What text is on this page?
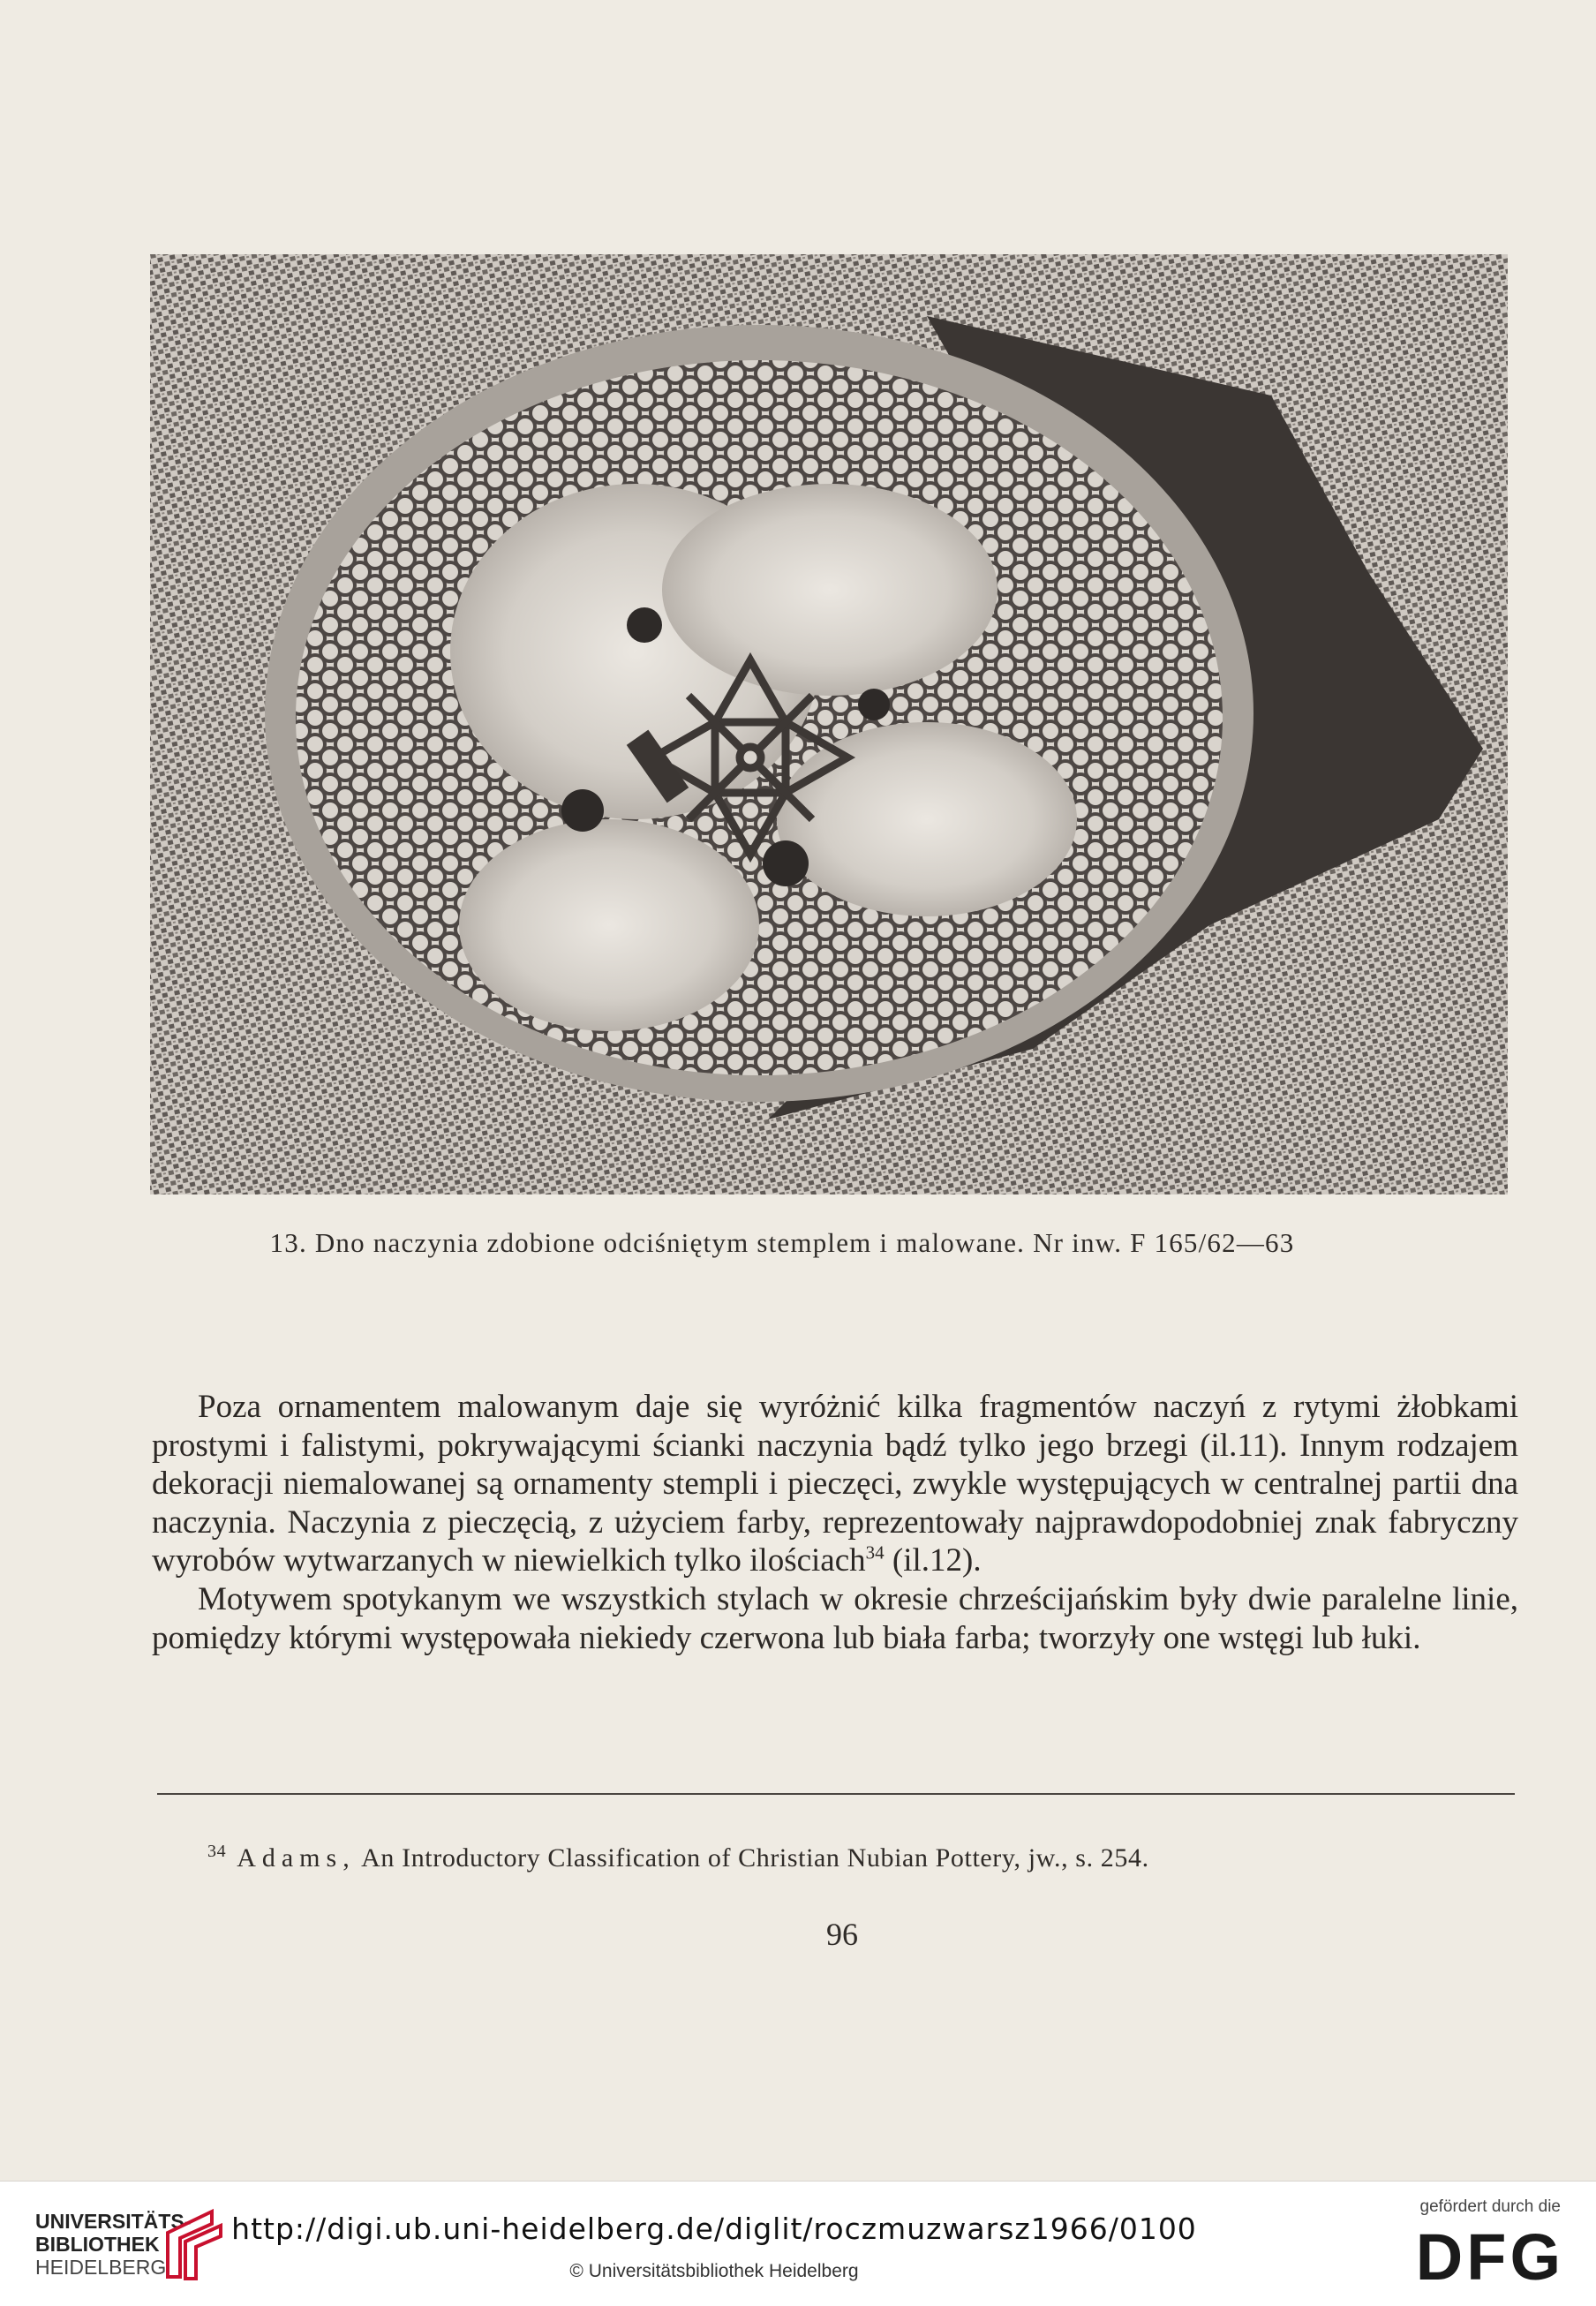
13. Dno naczynia zdobione odciśniętym stemplem i malowane. Nr inw. F 165/62—63

Poza ornamentem malowanym daje się wyróżnić kilka fragmentów naczyń z rytymi żłobkami prostymi i falistymi, pokrywającymi ścianki naczynia bądź tylko jego brzegi (il.11). Innym rodzajem dekoracji niemalowanej są ornamenty stempli i pieczęci, zwykle występujących w centralnej partii dna naczynia. Naczynia z pieczęcią, z użyciem farby, reprezentowały najprawdopodobniej znak fabryczny wyrobów wytwarzanych w niewielkich tylko ilościach$^{34}$ (il.12).

Motywem spotykanym we wszystkich stylach w okresie chrześcijańskim były dwie paralelne linie, pomiędzy którymi występowała niekiedy czerwona lub biała farba; tworzyły one wstęgi lub łuki.

$^{34}$ Adams, An Introductory Classification of Christian Nubian Pottery, jw., s. 254.
96
UNIVERSITÄTS-
BIBLIOTHEK
HEIDELBERG
http://digi.ub.uni-heidelberg.de/diglit/roczmuzwarsz1966/0100
© Universitätsbibliothek Heidelberg
gefördert durch die
DFG
